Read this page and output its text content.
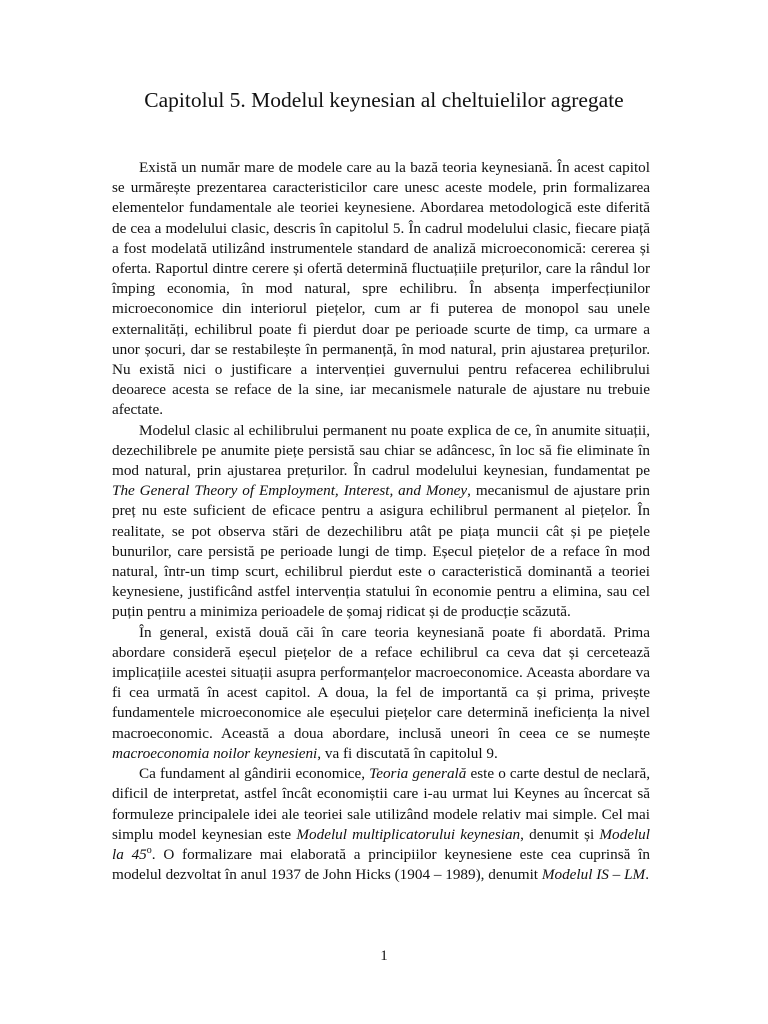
Capitolul 5. Modelul keynesian al cheltuielilor agregate

Există un număr mare de modele care au la bază teoria keynesiană. În acest capitol se urmărește prezentarea caracteristicilor care unesc aceste modele, prin formalizarea elementelor fundamentale ale teoriei keynesiene. Abordarea metodologică este diferită de cea a modelului clasic, descris în capitolul 5. În cadrul modelului clasic, fiecare piață a fost modelată utilizând instrumentele standard de analiză microeconomică: cererea și oferta. Raportul dintre cerere și ofertă determină fluctuațiile prețurilor, care la rândul lor împing economia, în mod natural, spre echilibru. În absența imperfecțiunilor microeconomice din interiorul piețelor, cum ar fi puterea de monopol sau unele externalități, echilibrul poate fi pierdut doar pe perioade scurte de timp, ca urmare a unor șocuri, dar se restabilește în permanență, în mod natural, prin ajustarea prețurilor. Nu există nici o justificare a intervenției guvernului pentru refacerea echilibrului deoarece acesta se reface de la sine, iar mecanismele naturale de ajustare nu trebuie afectate.

Modelul clasic al echilibrului permanent nu poate explica de ce, în anumite situații, dezechilibrele pe anumite piețe persistă sau chiar se adâncesc, în loc să fie eliminate în mod natural, prin ajustarea prețurilor. În cadrul modelului keynesian, fundamentat pe The General Theory of Employment, Interest, and Money, mecanismul de ajustare prin preț nu este suficient de eficace pentru a asigura echilibrul permanent al piețelor. În realitate, se pot observa stări de dezechilibru atât pe piața muncii cât și pe piețele bunurilor, care persistă pe perioade lungi de timp. Eșecul piețelor de a reface în mod natural, într-un timp scurt, echilibrul pierdut este o caracteristică dominantă a teoriei keynesiene, justificând astfel intervenția statului în economie pentru a elimina, sau cel puțin pentru a minimiza perioadele de șomaj ridicat și de producție scăzută.

În general, există două căi în care teoria keynesiană poate fi abordată. Prima abordare consideră eșecul piețelor de a reface echilibrul ca ceva dat și cercetează implicațiile acestei situații asupra performanțelor macroeconomice. Aceasta abordare va fi cea urmată în acest capitol. A doua, la fel de importantă ca și prima, privește fundamentele microeconomice ale eșecului piețelor care determină ineficiența la nivel macroeconomic. Această a doua abordare, inclusă uneori în ceea ce se numește macroeconomia noilor keynesieni, va fi discutată în capitolul 9.

Ca fundament al gândirii economice, Teoria generală este o carte destul de neclară, dificil de interpretat, astfel încât economiștii care i-au urmat lui Keynes au încercat să formuleze principalele idei ale teoriei sale utilizând modele relativ mai simple. Cel mai simplu model keynesian este Modelul multiplicatorului keynesian, denumit și Modelul la 45$^o$. O formalizare mai elaborată a principiilor keynesiene este cea cuprinsă în modelul dezvoltat în anul 1937 de John Hicks (1904 – 1989), denumit Modelul IS – LM.

1
